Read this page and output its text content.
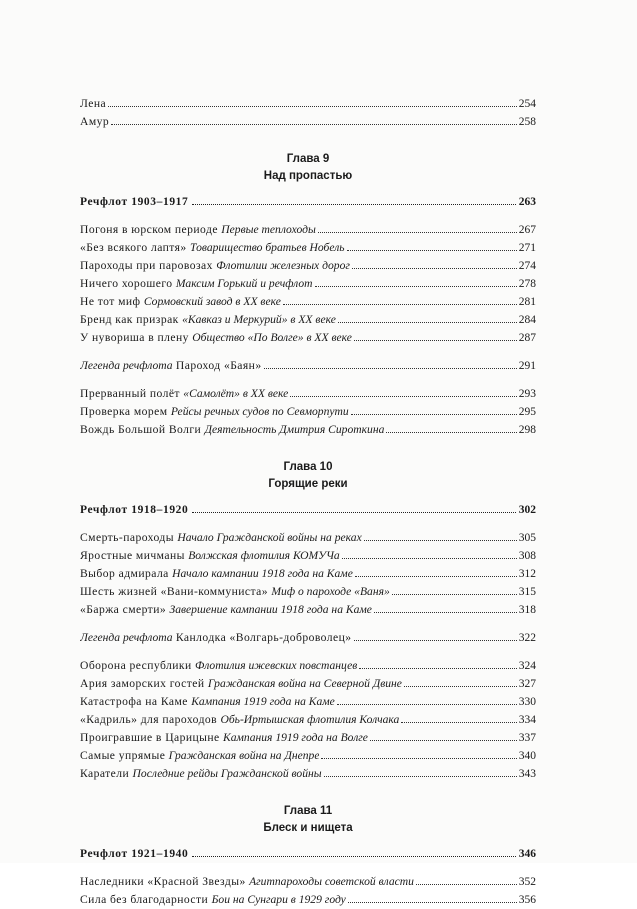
Лена	254
Амур	258
Глава 9
Над пропастью
Речфлот 1903–1917	263
Погоня в юрском периоде Первые теплоходы	267
«Без всякого лаптя» Товарищество братьев Нобель	271
Пароходы при паровозах Флотилии железных дорог	274
Ничего хорошего Максим Горький и речфлот	278
Не тот миф Сормовский завод в XX веке	281
Бренд как призрак «Кавказ и Меркурий» в XX веке	284
У нувориша в плену Общество «По Волге» в XX веке	287
Легенда речфлота Пароход «Баян»	291
Прерванный полёт «Самолёт» в XX веке	293
Проверка морем Рейсы речных судов по Севморпути	295
Вождь Большой Волги Деятельность Дмитрия Сироткина	298
Глава 10
Горящие реки
Речфлот 1918–1920	302
Смерть-пароходы Начало Гражданской войны на реках	305
Яростные мичманы Волжская флотилия КОМУЧа	308
Выбор адмирала Начало кампании 1918 года на Каме	312
Шесть жизней «Вани-коммуниста» Миф о пароходе «Ваня»	315
«Баржа смерти» Завершение кампании 1918 года на Каме	318
Легенда речфлота Канлодка «Волгарь-доброволец»	322
Оборона республики Флотилия ижевских повстанцев	324
Ария заморских гостей Гражданская война на Северной Двине	327
Катастрофа на Каме Кампания 1919 года на Каме	330
«Кадриль» для пароходов Обь-Иртышская флотилия Колчака	334
Проигравшие в Царицыне Кампания 1919 года на Волге	337
Самые упрямые Гражданская война на Днепре	340
Каратели Последние рейды Гражданской войны	343
Глава 11
Блеск и нищета
Речфлот 1921–1940	346
Наследники «Красной Звезды» Агитпароходы советской власти	352
Сила без благодарности Бои на Сунгари в 1929 году	356
